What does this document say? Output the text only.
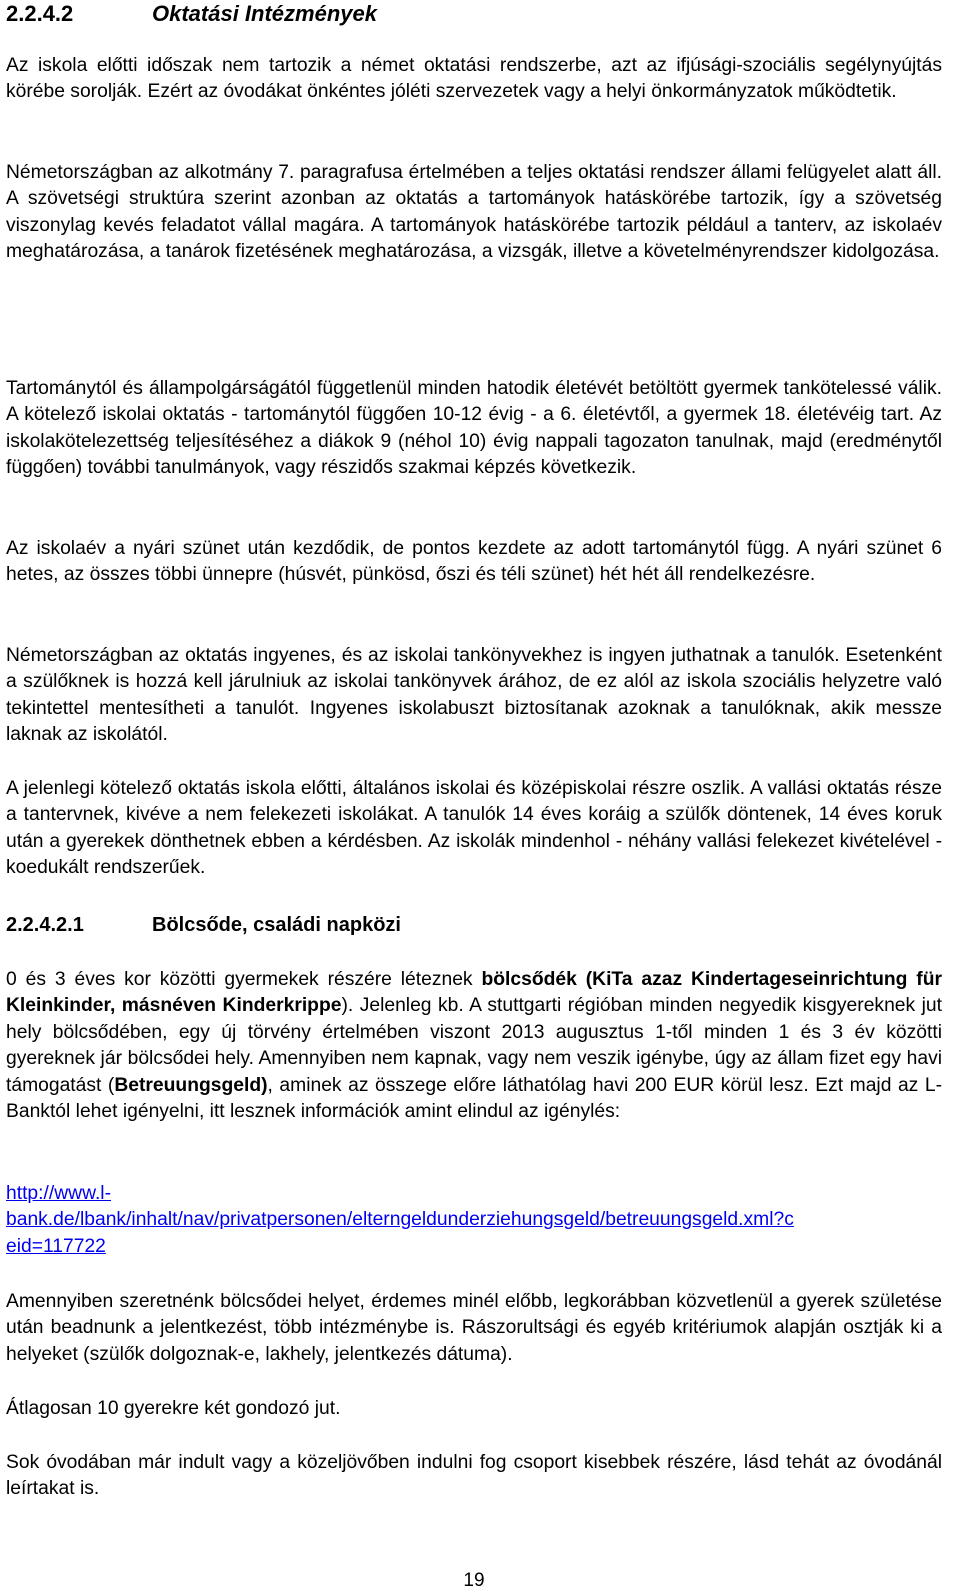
2.2.4.2	Oktatási Intézmények
Az iskola előtti időszak nem tartozik a német oktatási rendszerbe, azt az ifjúsági-szociális segélynyújtás körébe sorolják. Ezért az óvodákat önkéntes jóléti szervezetek vagy a helyi önkormányzatok működtetik.
Németországban az alkotmány 7. paragrafusa értelmében a teljes oktatási rendszer állami felügyelet alatt áll. A szövetségi struktúra szerint azonban az oktatás a tartományok hatáskörébe tartozik, így a szövetség viszonylag kevés feladatot vállal magára. A tartományok hatáskörébe tartozik például a tanterv, az iskolaév meghatározása, a tanárok fizetésének meghatározása, a vizsgák, illetve a követelményrendszer kidolgozása.
Tartománytól és állampolgárságától függetlenül minden hatodik életévét betöltött gyermek tankötelessé válik. A kötelező iskolai oktatás - tartománytól függően 10-12 évig - a 6. életévtől, a gyermek 18. életévéig tart. Az iskolakötelezettség teljesítéséhez a diákok 9 (néhol 10) évig nappali tagozaton tanulnak, majd (eredménytől függően) további tanulmányok, vagy részidős szakmai képzés következik.
Az iskolaév a nyári szünet után kezdődik, de pontos kezdete az adott tartománytól függ. A nyári szünet 6 hetes, az összes többi ünnepre (húsvét, pünkösd, őszi és téli szünet) hét hét áll rendelkezésre.
Németországban az oktatás ingyenes, és az iskolai tankönyvekhez is ingyen juthatnak a tanulók. Esetenként a szülőknek is hozzá kell járulniuk az iskolai tankönyvek árához, de ez alól az iskola szociális helyzetre való tekintettel mentesítheti a tanulót. Ingyenes iskolabuszt biztosítanak azoknak a tanulóknak, akik messze laknak az iskolától.
A jelenlegi kötelező oktatás iskola előtti, általános iskolai és középiskolai részre oszlik. A vallási oktatás része a tantervnek, kivéve a nem felekezeti iskolákat. A tanulók 14 éves koráig a szülők döntenek, 14 éves koruk után a gyerekek dönthetnek ebben a kérdésben. Az iskolák mindenhol - néhány vallási felekezet kivételével - koedukált rendszerűek.
2.2.4.2.1	Bölcsőde, családi napközi
0 és 3 éves kor közötti gyermekek részére léteznek bölcsődék (KiTa azaz Kindertageseinrichtung für Kleinkinder, másnéven Kinderkrippe). Jelenleg kb. A stuttgarti régióban minden negyedik kisgyereknek jut hely bölcsődében, egy új törvény értelmében viszont 2013 augusztus 1-től minden 1 és 3 év közötti gyereknek jár bölcsődei hely. Amennyiben nem kapnak, vagy nem veszik igénybe, úgy az állam fizet egy havi támogatást (Betreuungsgeld), aminek az összege előre láthatólag havi 200 EUR körül lesz. Ezt majd az L-Banktól lehet igényelni, itt lesznek információk amint elindul az igénylés:
http://www.l-
bank.de/lbank/inhalt/nav/privatpersonen/elterngeldunderziehungsgeld/betreuungsgeld.xml?c
eid=117722
Amennyiben szeretnénk bölcsődei helyet, érdemes minél előbb, legkorábban közvetlenül a gyerek születése után beadnunk a jelentkezést, több intézménybe is. Rászorultsági és egyéb kritériumok alapján osztják ki a helyeket (szülők dolgoznak-e, lakhely, jelentkezés dátuma).
Átlagosan 10 gyerekre két gondozó jut.
Sok óvodában már indult vagy a közeljövőben indulni fog csoport kisebbek részére, lásd tehát az óvodánál leírtakat is.
19
